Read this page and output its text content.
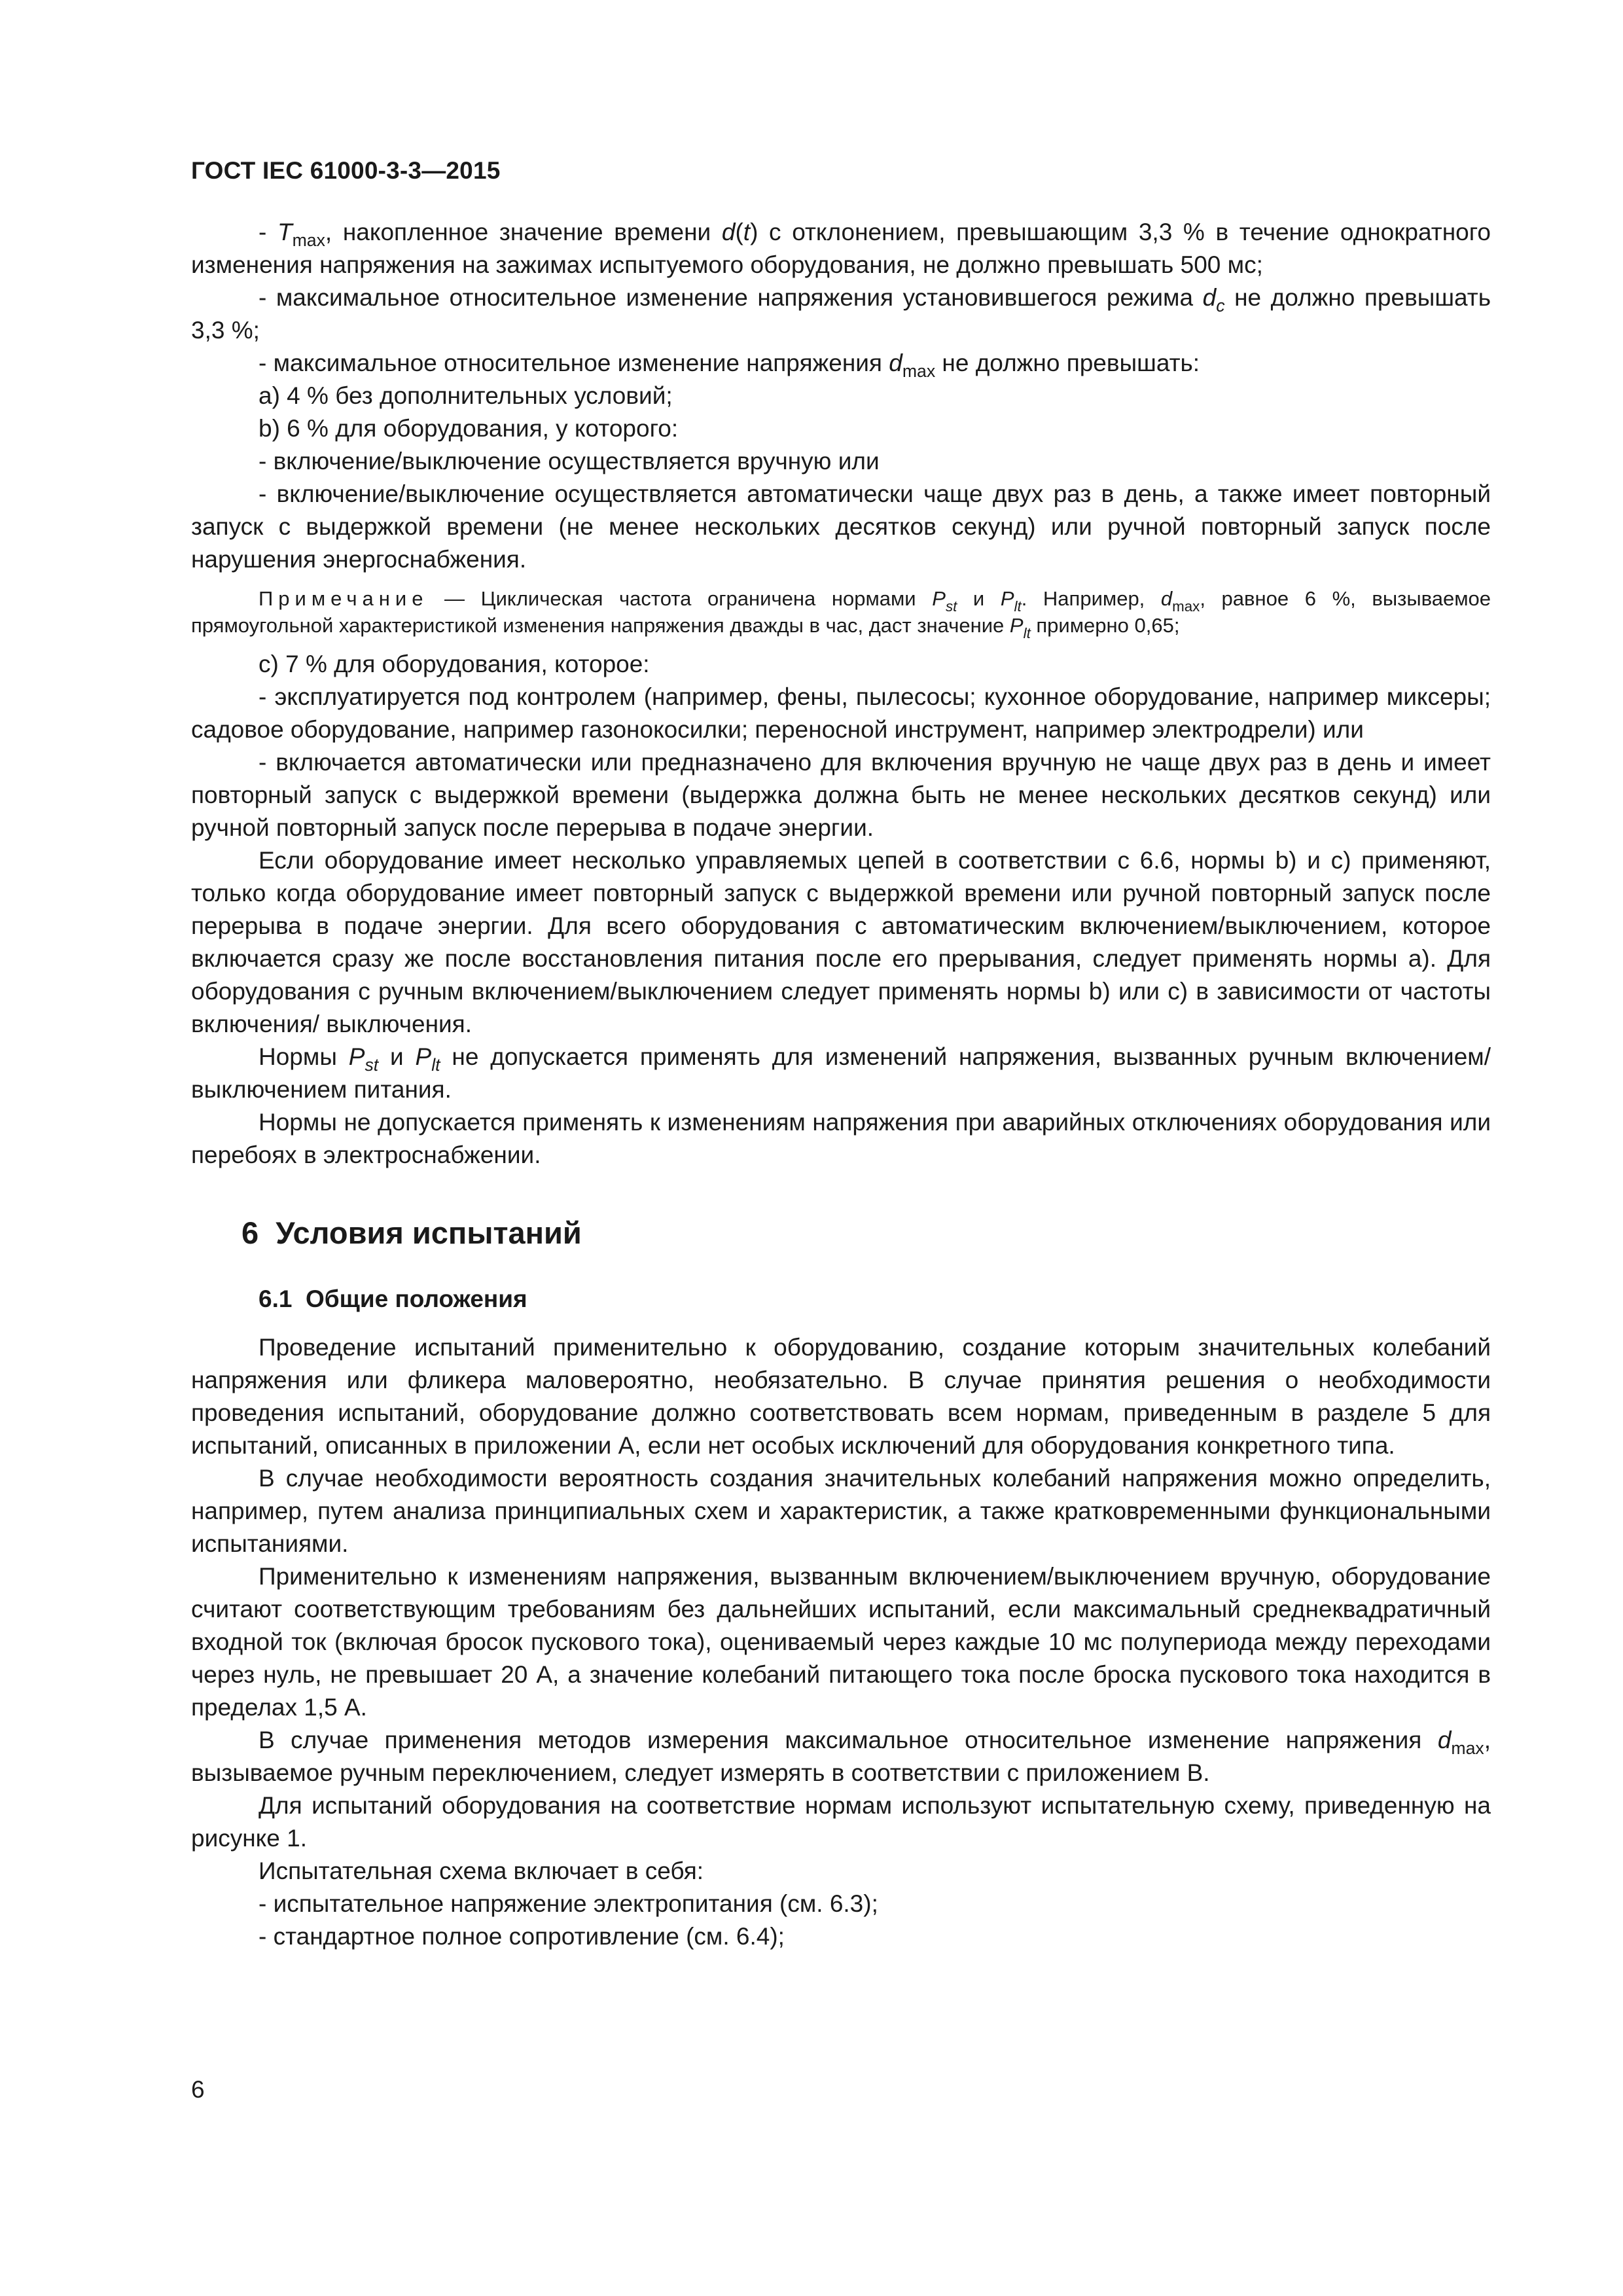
ГОСТ IEC 61000-3-3—2015

- $T_{max}$, накопленное значение времени d(t) с отклонением, превышающим 3,3 % в течение однократного изменения напряжения на зажимах испытуемого оборудования, не должно превышать 500 мс;

- максимальное относительное изменение напряжения установившегося режима $d_c$ не должно превышать 3,3 %;

- максимальное относительное изменение напряжения $d_{max}$ не должно превышать:

а) 4 % без дополнительных условий;

b) 6 % для оборудования, у которого:

- включение/выключение осуществляется вручную или

- включение/выключение осуществляется автоматически чаще двух раз в день, а также имеет повторный запуск с выдержкой времени (не менее нескольких десятков секунд) или ручной повторный запуск после нарушения энергоснабжения.

Примечание — Циклическая частота ограничена нормами $P_{st}$ и $P_{lt}$. Например, $d_{max}$, равное 6 %, вызываемое прямоугольной характеристикой изменения напряжения дважды в час, даст значение $P_{lt}$ примерно 0,65;

с) 7 % для оборудования, которое:

- эксплуатируется под контролем (например, фены, пылесосы; кухонное оборудование, например миксеры; садовое оборудование, например газонокосилки; переносной инструмент, например электродрели) или

- включается автоматически или предназначено для включения вручную не чаще двух раз в день и имеет повторный запуск с выдержкой времени (выдержка должна быть не менее нескольких десятков секунд) или ручной повторный запуск после перерыва в подаче энергии.

Если оборудование имеет несколько управляемых цепей в соответствии с 6.6, нормы b) и с) применяют, только когда оборудование имеет повторный запуск с выдержкой времени или ручной повторный запуск после перерыва в подаче энергии. Для всего оборудования с автоматическим включением/выключением, которое включается сразу же после восстановления питания после его прерывания, следует применять нормы а). Для оборудования с ручным включением/выключением следует применять нормы b) или с) в зависимости от частоты включения/ выключения.

Нормы $P_{st}$ и $P_{lt}$ не допускается применять для изменений напряжения, вызванных ручным включением/выключением питания.

Нормы не допускается применять к изменениям напряжения при аварийных отключениях оборудования или перебоях в электроснабжении.

6 Условия испытаний
6.1 Общие положения

Проведение испытаний применительно к оборудованию, создание которым значительных колебаний напряжения или фликера маловероятно, необязательно. В случае принятия решения о необходимости проведения испытаний, оборудование должно соответствовать всем нормам, приведенным в разделе 5 для испытаний, описанных в приложении А, если нет особых исключений для оборудования конкретного типа.

В случае необходимости вероятность создания значительных колебаний напряжения можно определить, например, путем анализа принципиальных схем и характеристик, а также кратковременными функциональными испытаниями.

Применительно к изменениям напряжения, вызванным включением/выключением вручную, оборудование считают соответствующим требованиям без дальнейших испытаний, если максимальный среднеквадратичный входной ток (включая бросок пускового тока), оцениваемый через каждые 10 мс полупериода между переходами через нуль, не превышает 20 А, а значение колебаний питающего тока после броска пускового тока находится в пределах 1,5 А.

В случае применения методов измерения максимальное относительное изменение напряжения $d_{max}$, вызываемое ручным переключением, следует измерять в соответствии с приложением В.

Для испытаний оборудования на соответствие нормам используют испытательную схему, приведенную на рисунке 1.

Испытательная схема включает в себя:

- испытательное напряжение электропитания (см. 6.3);

- стандартное полное сопротивление (см. 6.4);

6
